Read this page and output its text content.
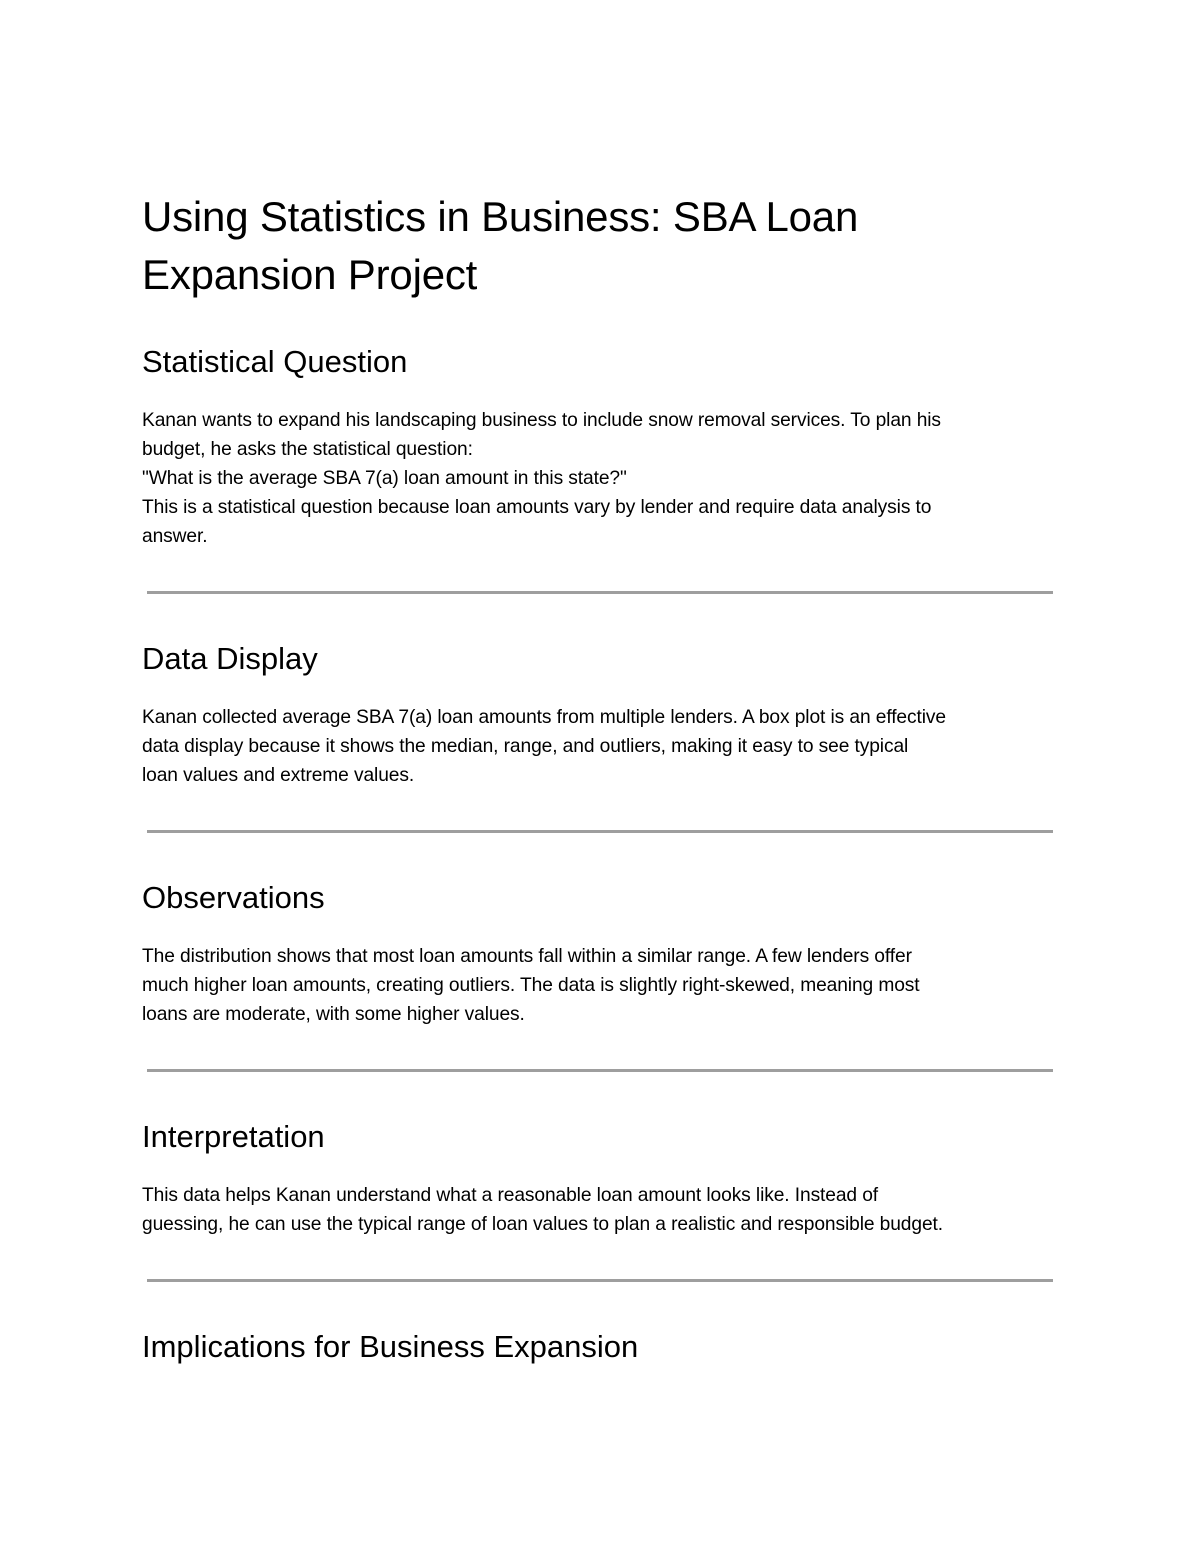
Using Statistics in Business: SBA Loan
Expansion Project
Statistical Question

Kanan wants to expand his landscaping business to include snow removal services. To plan his
budget, he asks the statistical question:
"What is the average SBA 7(a) loan amount in this state?"
This is a statistical question because loan amounts vary by lender and require data analysis to
answer.

Data Display

Kanan collected average SBA 7(a) loan amounts from multiple lenders. A box plot is an effective
data display because it shows the median, range, and outliers, making it easy to see typical
loan values and extreme values.

Observations

The distribution shows that most loan amounts fall within a similar range. A few lenders offer
much higher loan amounts, creating outliers. The data is slightly right-skewed, meaning most
loans are moderate, with some higher values.

Interpretation

This data helps Kanan understand what a reasonable loan amount looks like. Instead of
guessing, he can use the typical range of loan values to plan a realistic and responsible budget.

Implications for Business Expansion
